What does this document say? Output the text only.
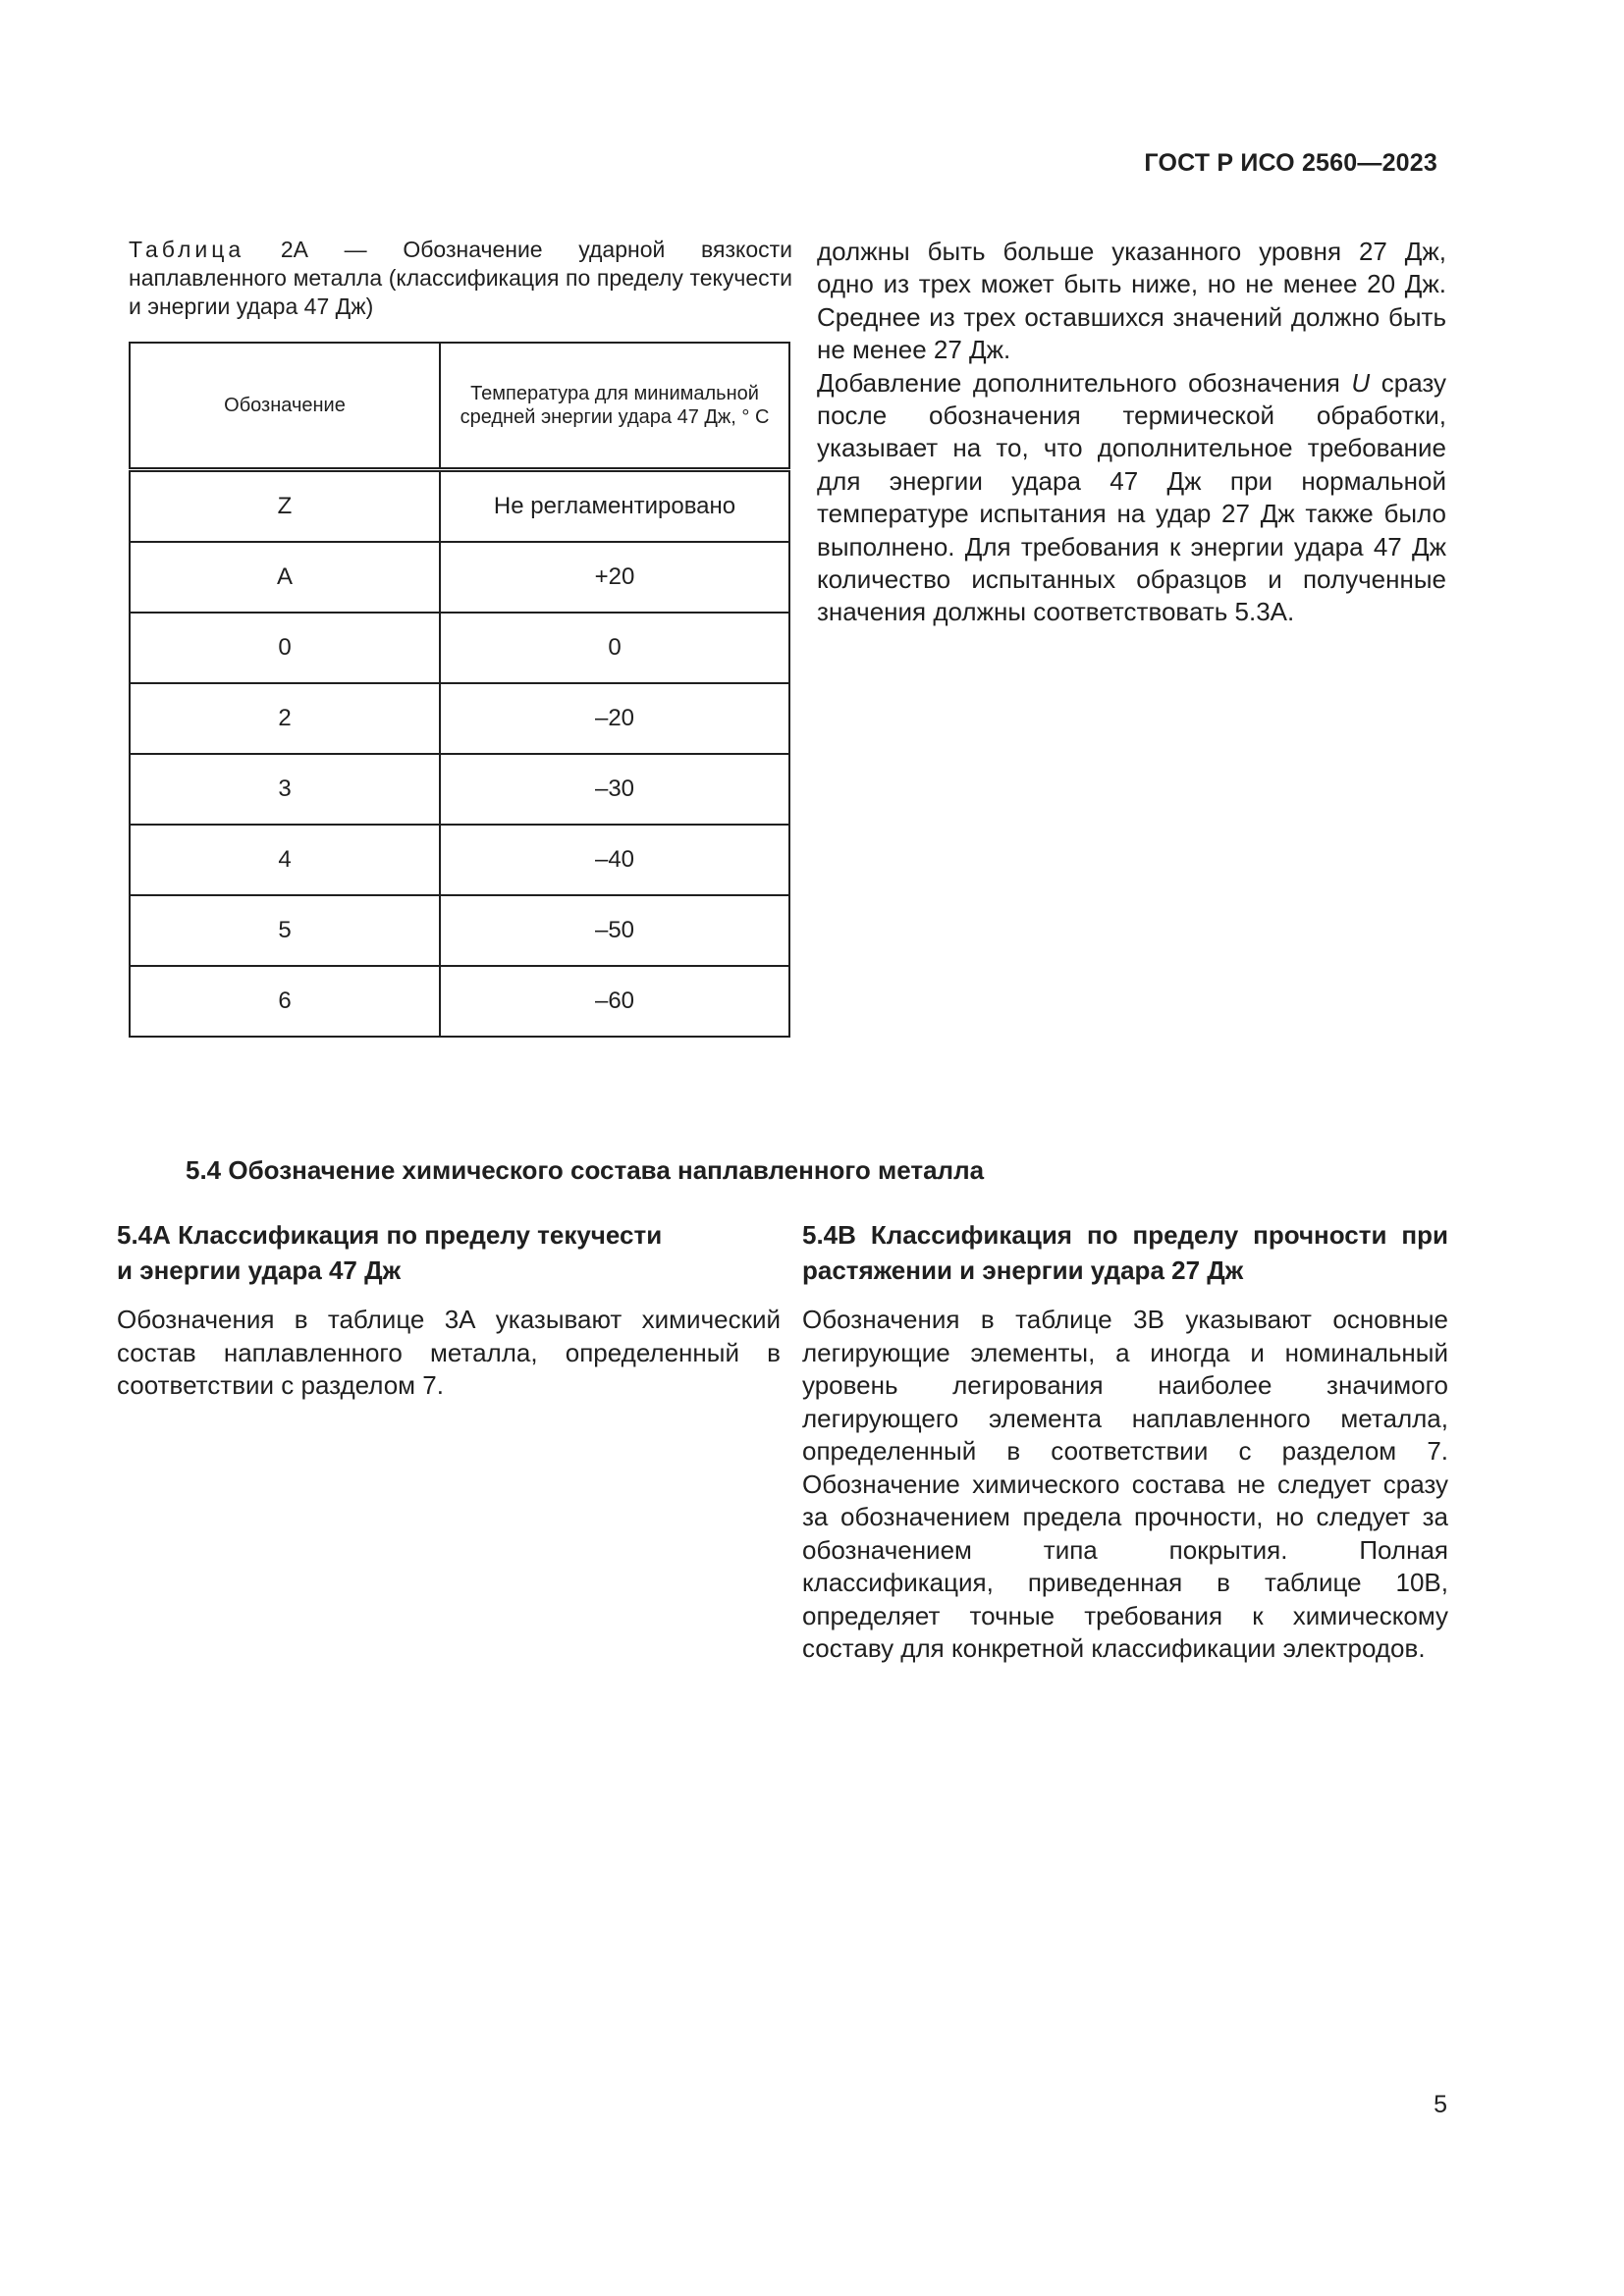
ГОСТ Р ИСО 2560—2023
Таблица 2А — Обозначение ударной вязкости наплавленного металла (классификация по пределу текучести и энергии удара 47 Дж)
Обозначение	Температура для минимальной средней энергии удара 47 Дж, ° С
Z	Не регламентировано
A	+20
0	0
2	–20
3	–30
4	–40
5	–50
6	–60

должны быть больше указанного уровня 27 Дж, одно из трех может быть ниже, но не менее 20 Дж. Среднее из трех оставшихся значений должно быть не менее 27 Дж.

Добавление дополнительного обозначения U сразу после обозначения термической обработки, указывает на то, что дополнительное требование для энергии удара 47 Дж при нормальной температуре испытания на удар 27 Дж также было выполнено. Для требования к энергии удара 47 Дж количество испытанных образцов и полученные значения должны соответствовать 5.3А.

5.4 Обозначение химического состава наплавленного металла
5.4А Классификация по пределу текучести
и энергии удара 47 Дж
5.4В Классификация по пределу прочности при растяжении и энергии удара 27 Дж

Обозначения в таблице 3А указывают химический состав наплавленного металла, определенный в соответствии с разделом 7.

Обозначения в таблице 3В указывают основные легирующие элементы, а иногда и номинальный уровень легирования наиболее значимого легирующего элемента наплавленного металла, определенный в соответствии с разделом 7. Обозначение химического состава не следует сразу за обозначением предела прочности, но следует за обозначением типа покрытия. Полная классификация, приведенная в таблице 10В, определяет точные требования к химическому составу для конкретной классификации электродов.

5
